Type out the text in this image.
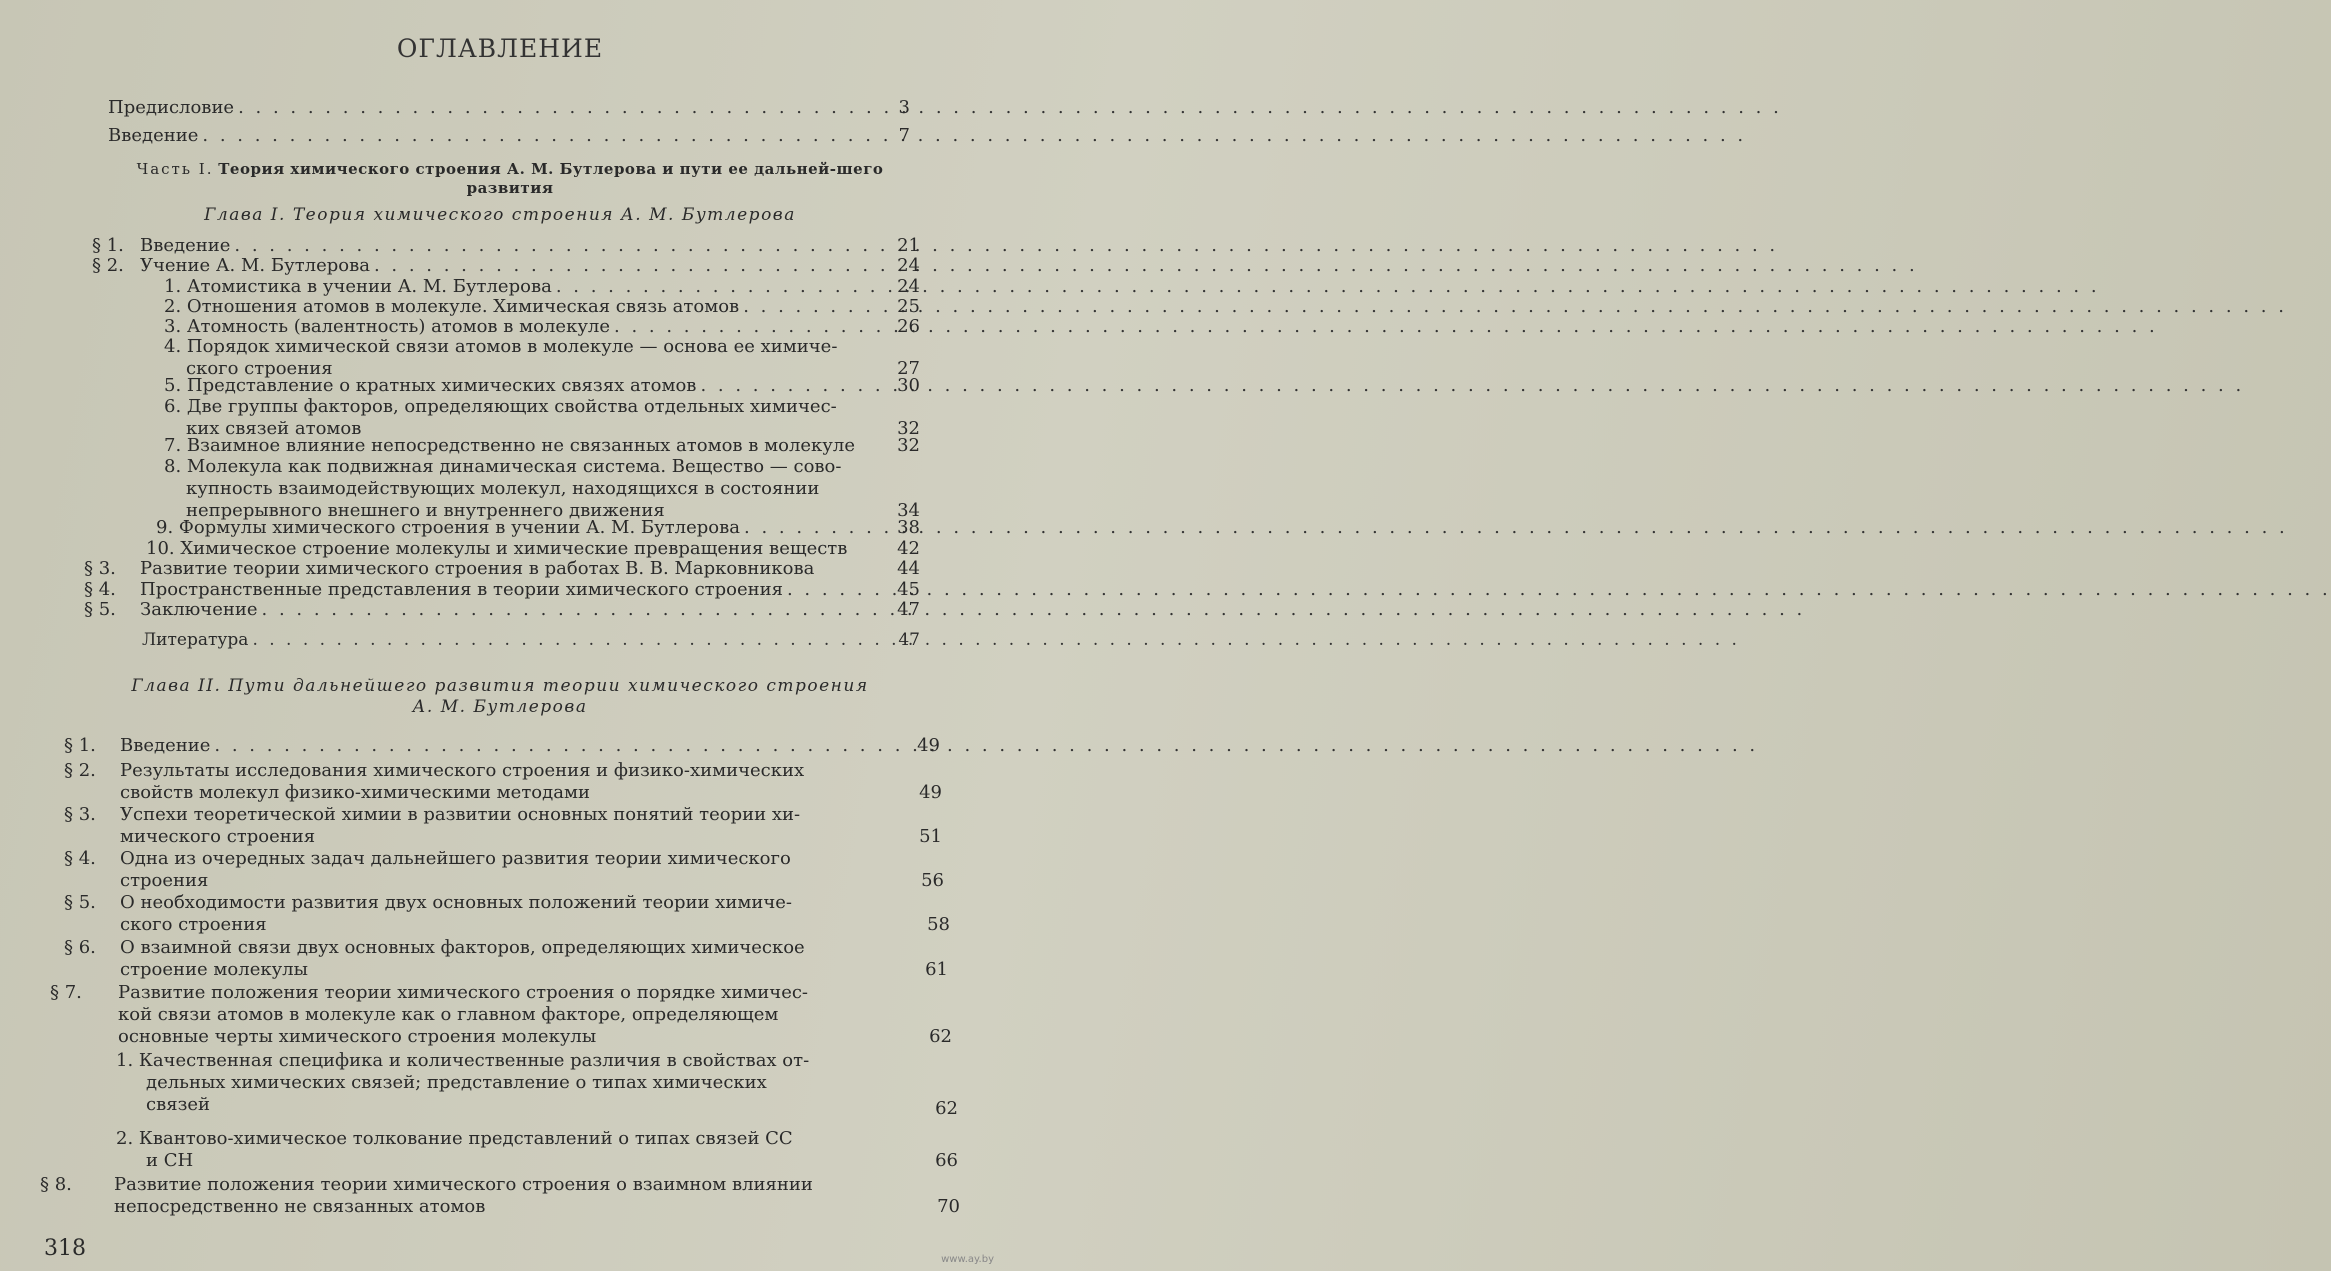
ОГЛАВЛЕНИЕ
Предисловие . . .	3
Введение . . .	7
Часть I. Теория химического строения А. М. Бутлерова и пути ее дальней-шего развития
Глава I. Теория химического строения А. М. Бутлерова
§ 1. Введение . . .	21
§ 2. Учение А. М. Бутлерова . . .	24
1. Атомистика в учении А. М. Бутлерова . . .	24
2. Отношения атомов в молекуле. Химическая связь атомов . . .	25
3. Атомность (валентность) атомов в молекуле . . .	26
4. Порядок химической связи атомов в молекуле — основа ее химиче-
ского строения	27
5. Представление о кратных химических связях атомов . . .	30
6. Две группы факторов, определяющих свойства отдельных химичес-
ких связей атомов	32
7. Взаимное влияние непосредственно не связанных атомов в молекуле 32
8. Молекула как подвижная динамическая система. Вещество — сово-
купность взаимодействующих молекул, находящихся в состоянии
непрерывного внешнего и внутреннего движения	34
9. Формулы химического строения в учении А. М. Бутлерова . . .	38
10. Химическое строение молекулы и химические превращения веществ	42
§ 3.	Развитие теории химического строения в работах В. В. Марковникова	44
§ 4.	Пространственные представления в теории химического строения . . .	45
§ 5.	Заключение . . .	47
Литература . . .	47
Глава II. Пути дальнейшего развития теории химического строения
А. М. Бутлерова
§ 1.	Введение . . .	49
§ 2. Результаты исследования химического строения и физико-химических
свойств молекул физико-химическими методами	49
§ 3. Успехи теоретической химии в развитии основных понятий теории хи-
мического строения	51
§ 4. Одна из очередных задач дальнейшего развития теории химического
строения	56
§ 5. О необходимости развития двух основных положений теории химиче-
ского строения	58
§ 6. О взаимной связи двух основных факторов, определяющих химическое
строение молекулы	61
§ 7. Развитие положения теории химического строения о порядке химичес-
кой связи атомов в молекуле как о главном факторе, определяющем
основные черты химического строения молекулы	62
1. Качественная специфика и количественные различия в свойствах от-
дельных химических связей; представление о типах химических
связей	62
2. Квантово-химическое толкование представлений о типах связей СС
и СН	66
§ 8. Развитие положения теории химического строения о взаимном влиянии
непосредственно не связанных атомов	70
318	www.ay.by
